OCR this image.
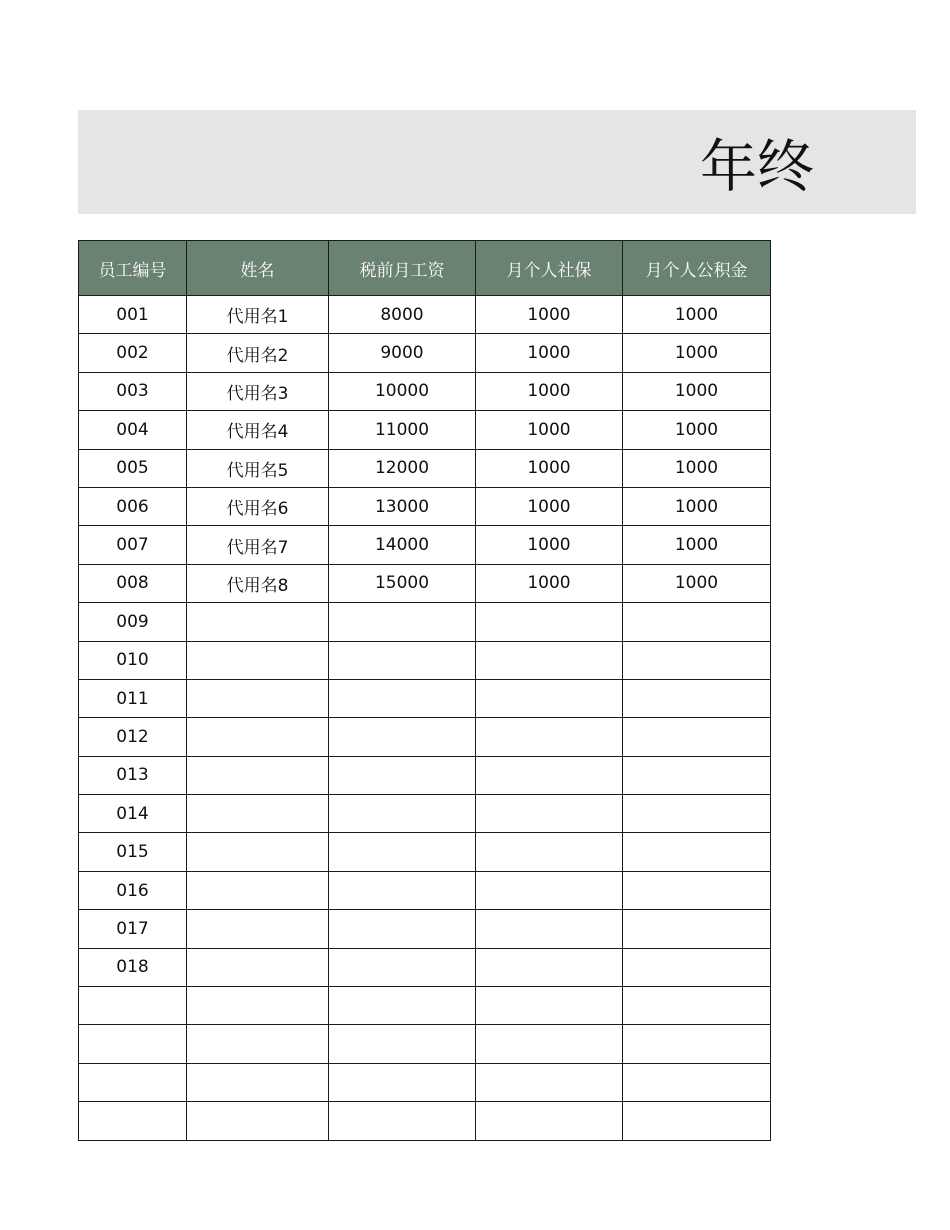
年终
员工编号	姓名	税前月工资	月个人社保	月个人公积金
001	代用名1	8000	1000	1000
002	代用名2	9000	1000	1000
003	代用名3	10000	1000	1000
004	代用名4	11000	1000	1000
005	代用名5	12000	1000	1000
006	代用名6	13000	1000	1000
007	代用名7	14000	1000	1000
008	代用名8	15000	1000	1000
009				
010				
011				
012				
013				
014				
015				
016				
017				
018				
